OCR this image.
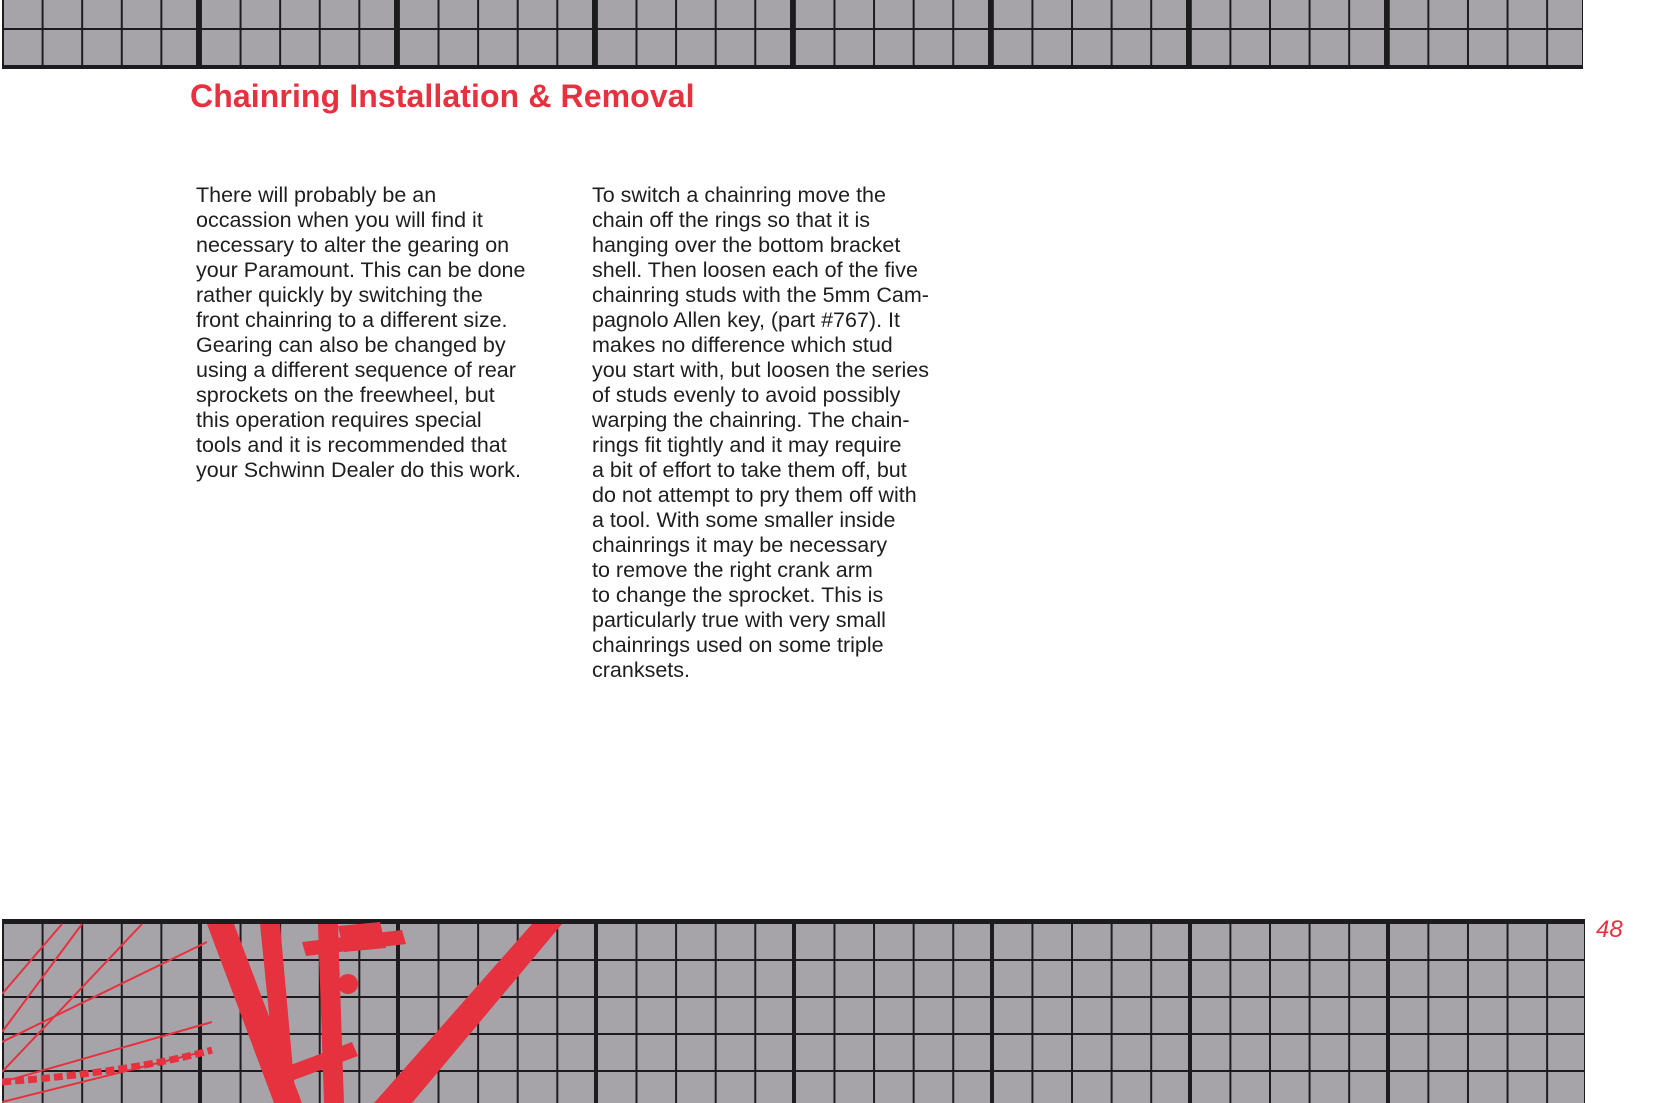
Chainring Installation & Removal
There will probably be an
occassion when you will find it
necessary to alter the gearing on
your Paramount. This can be done
rather quickly by switching the
front chainring to a different size.
Gearing can also be changed by
using a different sequence of rear
sprockets on the freewheel, but
this operation requires special
tools and it is recommended that
your Schwinn Dealer do this work.
To switch a chainring move the
chain off the rings so that it is
hanging over the bottom bracket
shell. Then loosen each of the five
chainring studs with the 5mm Cam-
pagnolo Allen key, (part #767). It
makes no difference which stud
you start with, but loosen the series
of studs evenly to avoid possibly
warping the chainring. The chain-
rings fit tightly and it may require
a bit of effort to take them off, but
do not attempt to pry them off with
a tool. With some smaller inside
chainrings it may be necessary
to remove the right crank arm
to change the sprocket. This is
particularly true with very small
chainrings used on some triple
cranksets.
48
